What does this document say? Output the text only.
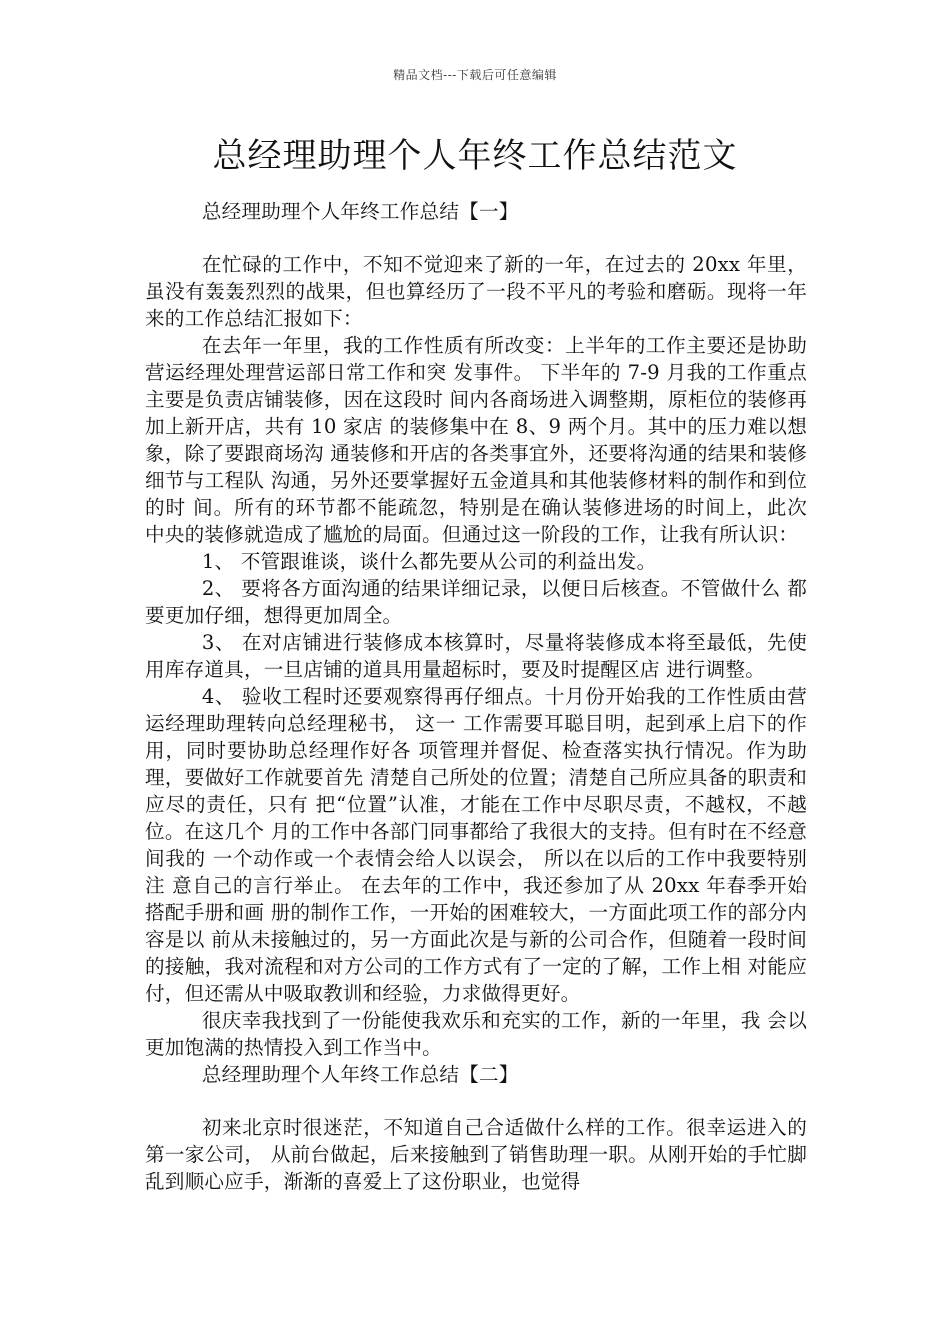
精品文档---下载后可任意编辑
总经理助理个人年终工作总结范文
总经理助理个人年终工作总结【一】

在忙碌的工作中，不知不觉迎来了新的一年，在过去的 20xx 年里，虽没有轰轰烈烈的战果，但也算经历了一段不平凡的考验和磨砺。现将一年来的工作总结汇报如下：

在去年一年里，我的工作性质有所改变：上半年的工作主要还是协助营运经理处理营运部日常工作和突 发事件。 下半年的 7-9 月我的工作重点主要是负责店铺装修，因在这段时 间内各商场进入调整期，原柜位的装修再加上新开店，共有 10 家店 的装修集中在 8、9 两个月。其中的压力难以想象，除了要跟商场沟 通装修和开店的各类事宜外，还要将沟通的结果和装修细节与工程队 沟通，另外还要掌握好五金道具和其他装修材料的制作和到位的时 间。所有的环节都不能疏忽，特别是在确认装修进场的时间上，此次 中央的装修就造成了尴尬的局面。但通过这一阶段的工作，让我有所认识：

1、 不管跟谁谈，谈什么都先要从公司的利益出发。

2、 要将各方面沟通的结果详细记录，以便日后核查。不管做什么 都要更加仔细，想得更加周全。

3、 在对店铺进行装修成本核算时，尽量将装修成本将至最低，先使用库存道具，一旦店铺的道具用量超标时，要及时提醒区店 进行调整。

4、 验收工程时还要观察得再仔细点。十月份开始我的工作性质由营运经理助理转向总经理秘书， 这一 工作需要耳聪目明，起到承上启下的作用，同时要协助总经理作好各 项管理并督促、检查落实执行情况。作为助理，要做好工作就要首先 清楚自己所处的位置；清楚自己所应具备的职责和应尽的责任，只有 把“位置”认准，才能在工作中尽职尽责，不越权，不越位。在这几个 月的工作中各部门同事都给了我很大的支持。但有时在不经意间我的 一个动作或一个表情会给人以误会， 所以在以后的工作中我要特别注 意自己的言行举止。 在去年的工作中，我还参加了从 20xx 年春季开始搭配手册和画 册的制作工作，一开始的困难较大，一方面此项工作的部分内容是以 前从未接触过的，另一方面此次是与新的公司合作，但随着一段时间 的接触，我对流程和对方公司的工作方式有了一定的了解，工作上相 对能应付，但还需从中吸取教训和经验，力求做得更好。

很庆幸我找到了一份能使我欢乐和充实的工作，新的一年里，我 会以更加饱满的热情投入到工作当中。

总经理助理个人年终工作总结【二】

初来北京时很迷茫，不知道自己合适做什么样的工作。很幸运进入的第一家公司， 从前台做起，后来接触到了销售助理一职。从刚开始的手忙脚乱到顺心应手，渐渐的喜爱上了这份职业，也觉得
